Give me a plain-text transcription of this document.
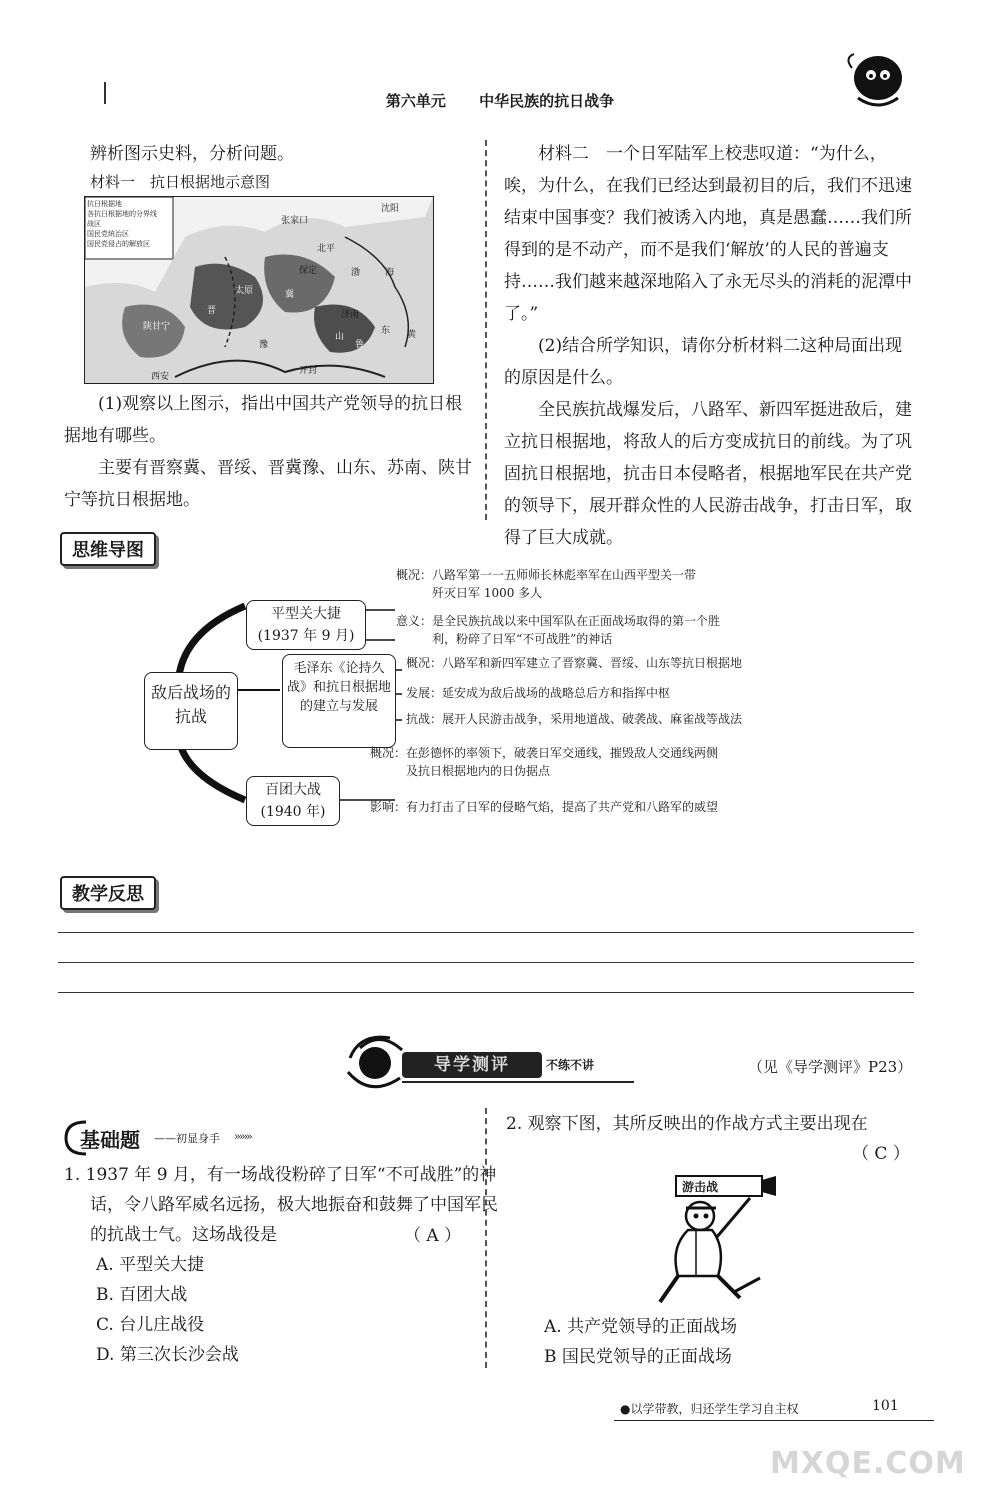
第六单元 中华民族的抗日战争
辨析图示史料，分析问题。
材料一　抗日根据地示意图
抗日根据地
各抗日根据地的分界线
战区
国民党统治区
国民党侵占的解放区
沈阳
张家口
北平
保定	渤	海
济南
东 黄
开封
西安
太原
陕甘宁
晋
冀
豫
山
鲁
(1)观察以上图示，指出中国共产党领导的抗日根据地有哪些。
主要有晋察冀、晋绥、晋冀豫、山东、苏南、陕甘宁等抗日根据地。
材料二　一个日军陆军上校悲叹道：“为什么，唉，为什么，在我们已经达到最初目的后，我们不迅速结束中国事变？我们被诱入内地，真是愚蠢……我们所得到的是不动产，而不是我们‘解放’的人民的普遍支持……我们越来越深地陷入了永无尽头的消耗的泥潭中了。”
(2)结合所学知识，请你分析材料二这种局面出现的原因是什么。
全民族抗战爆发后，八路军、新四军挺进敌后，建立抗日根据地，将敌人的后方变成抗日的前线。为了巩固抗日根据地，抗击日本侵略者，根据地军民在共产党的领导下，展开群众性的人民游击战争，打击日军，取得了巨大成就。
思维导图
敌后战场的抗战
平型关大捷
(1937 年 9 月)
概况：八路军第一一五师师长林彪率军在山西平型关一带
歼灭日军 1000 多人
意义：是全民族抗战以来中国军队在正面战场取得的第一个胜
利，粉碎了日军“不可战胜”的神话
毛泽东《论持久战》和抗日根据地的建立与发展
概况：八路军和新四军建立了晋察冀、晋绥、山东等抗日根据地
发展：延安成为敌后战场的战略总后方和指挥中枢
抗战：展开人民游击战争，采用地道战、破袭战、麻雀战等战法
百团大战
(1940 年)
概况：在彭德怀的率领下，破袭日军交通线，摧毁敌人交通线两侧
及抗日根据地内的日伪据点
影响：有力打击了日军的侵略气焰，提高了共产党和八路军的威望
教学反思
导学测评	不练不讲	（见《导学测评》P23）
基础题 ——初显身手 ›››››››
1. 1937 年 9 月，有一场战役粉碎了日军“不可战胜”的神话，令八路军威名远扬，极大地振奋和鼓舞了中国军民的抗战士气。这场战役是	（ A ）
A. 平型关大捷
B. 百团大战
C. 台儿庄战役
D. 第三次长沙会战
2. 观察下图，其所反映出的作战方式主要出现在
（ C ）
游击战
A. 共产党领导的正面战场
B 国民党领导的正面战场
●以学带教，归还学生学习自主权	101
MXQE.COM
